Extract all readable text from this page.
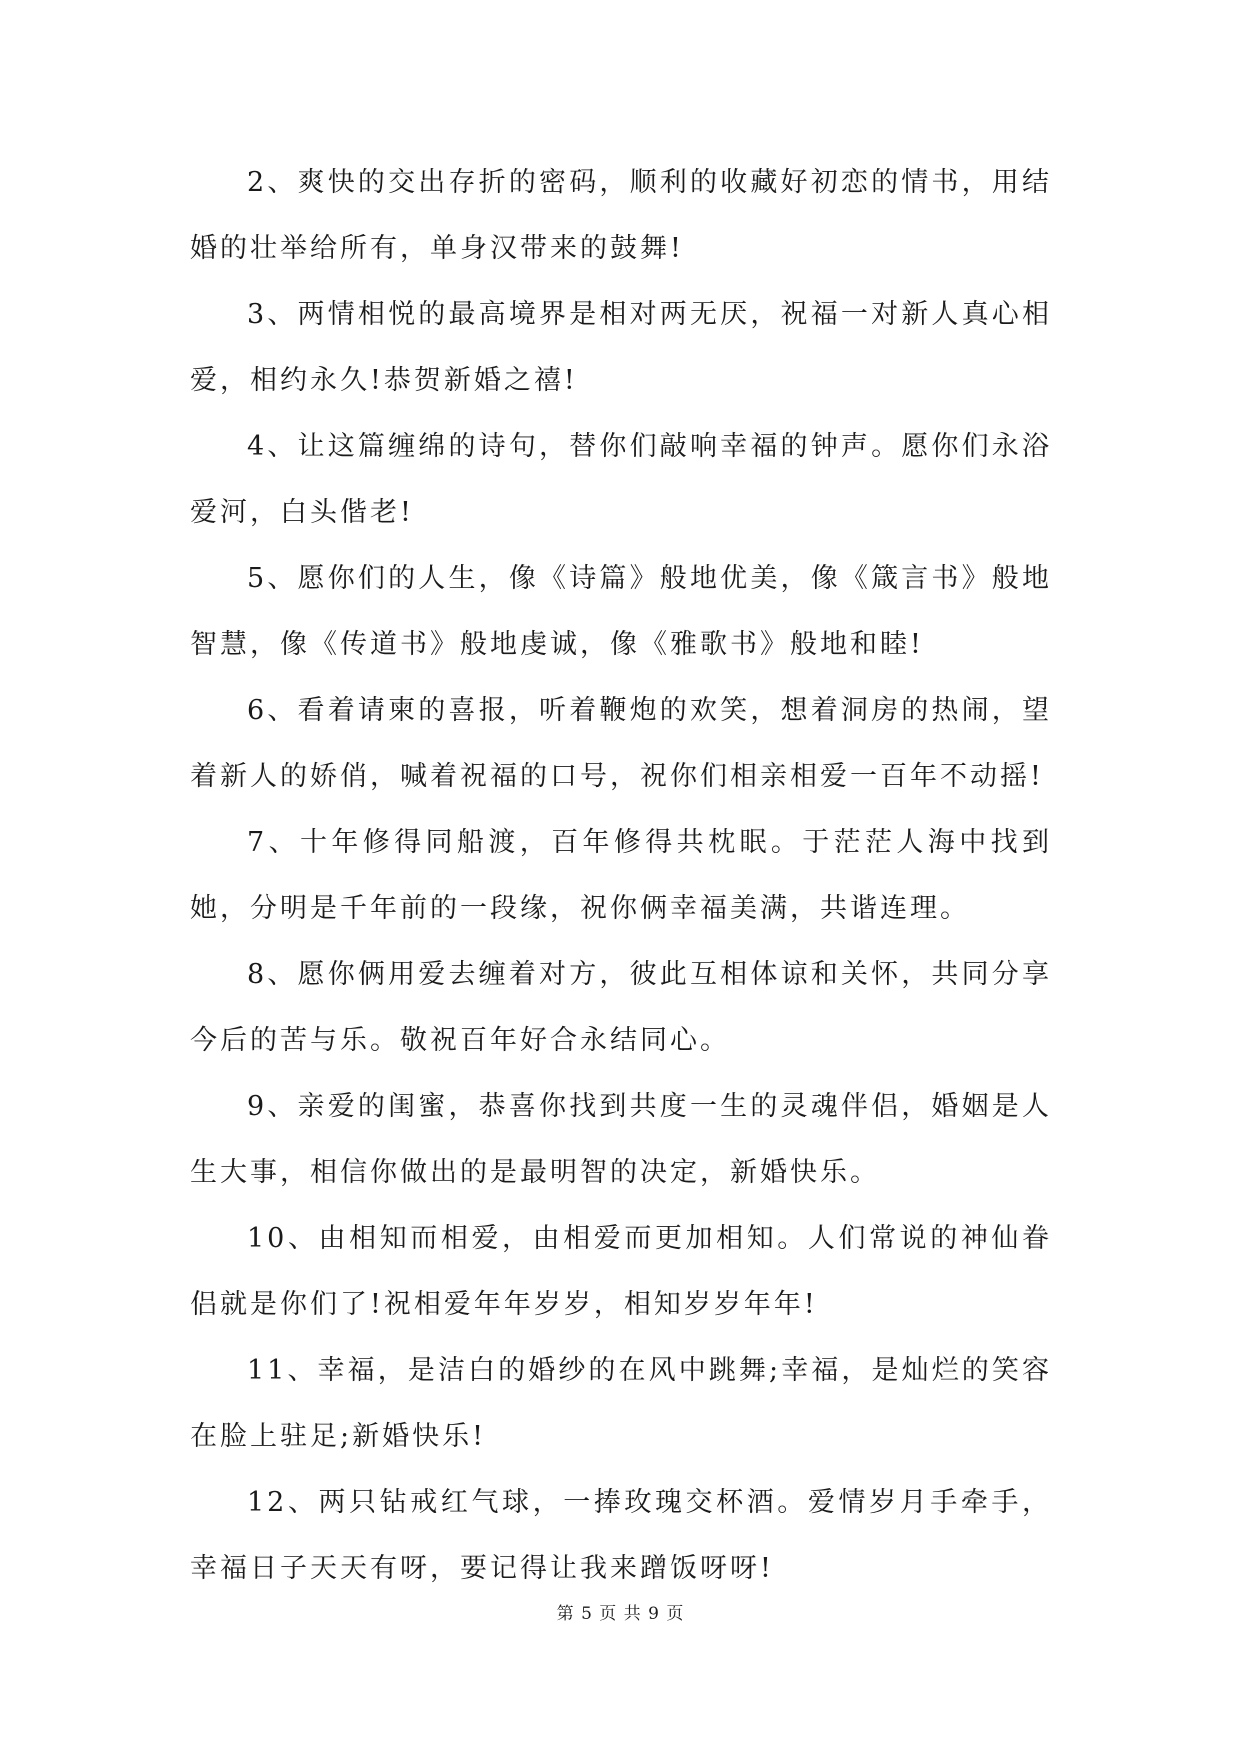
2、爽快的交出存折的密码，顺利的收藏好初恋的情书，用结婚的壮举给所有，单身汉带来的鼓舞!

3、两情相悦的最高境界是相对两无厌，祝福一对新人真心相爱，相约永久!恭贺新婚之禧!

4、让这篇缠绵的诗句，替你们敲响幸福的钟声。愿你们永浴爱河，白头偕老!

5、愿你们的人生，像《诗篇》般地优美，像《箴言书》般地智慧，像《传道书》般地虔诚，像《雅歌书》般地和睦!

6、看着请柬的喜报，听着鞭炮的欢笑，想着洞房的热闹，望着新人的娇俏，喊着祝福的口号，祝你们相亲相爱一百年不动摇!

7、十年修得同船渡，百年修得共枕眠。于茫茫人海中找到她，分明是千年前的一段缘，祝你俩幸福美满，共谐连理。

8、愿你俩用爱去缠着对方，彼此互相体谅和关怀，共同分享今后的苦与乐。敬祝百年好合永结同心。

9、亲爱的闺蜜，恭喜你找到共度一生的灵魂伴侣，婚姻是人生大事，相信你做出的是最明智的决定，新婚快乐。

10、由相知而相爱，由相爱而更加相知。人们常说的神仙眷侣就是你们了!祝相爱年年岁岁，相知岁岁年年!

11、幸福，是洁白的婚纱的在风中跳舞;幸福，是灿烂的笑容在脸上驻足;新婚快乐!

12、两只钻戒红气球，一捧玫瑰交杯酒。爱情岁月手牵手，幸福日子天天有呀，要记得让我来蹭饭呀呀!

第 5 页 共 9 页
